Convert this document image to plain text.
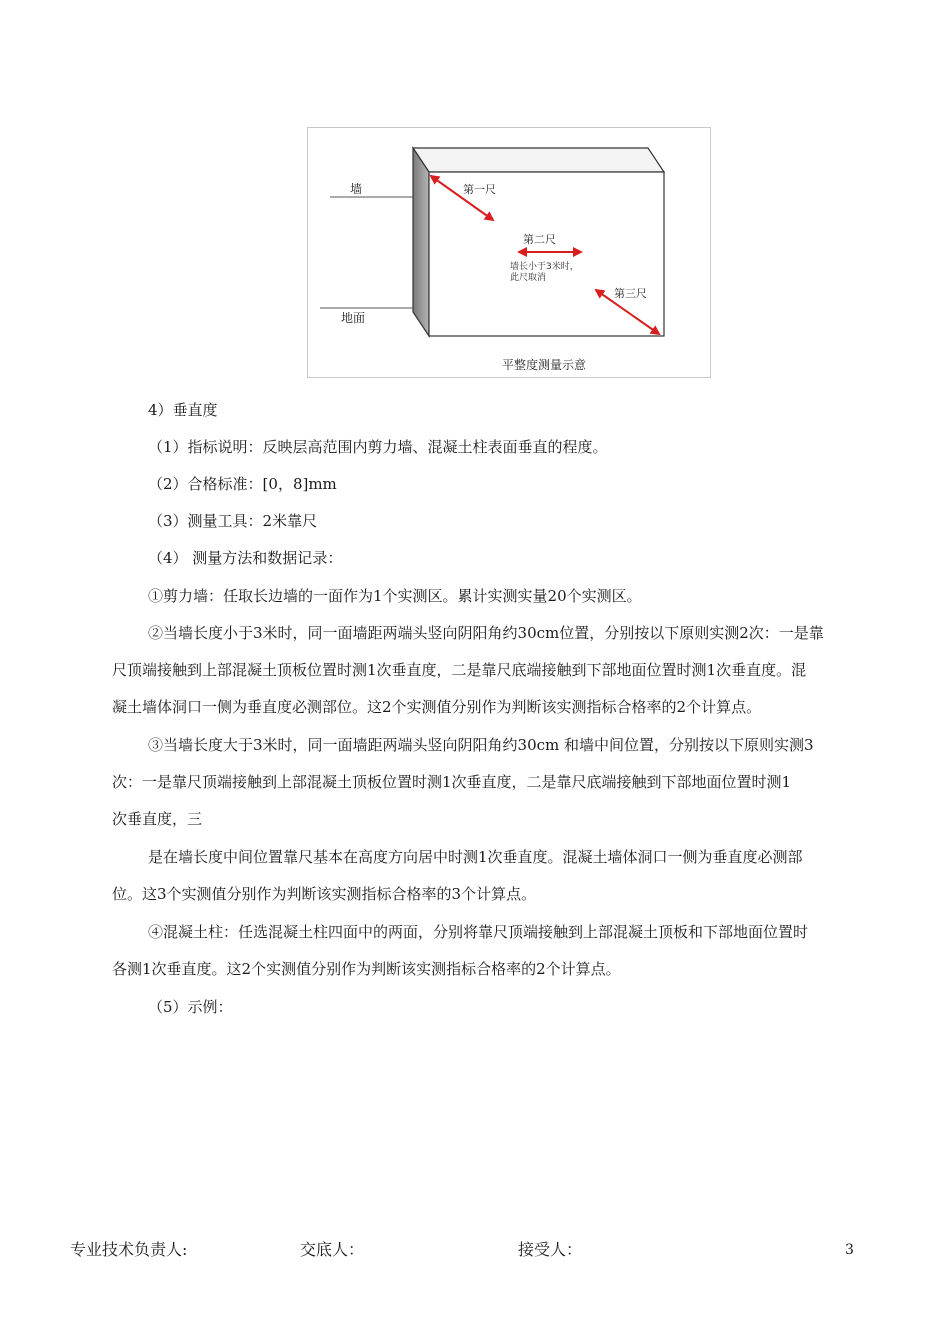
墙
地面
第一尺
第二尺
墙长小于3米时，
此尺取消
第三尺
平整度测量示意
4）垂直度
（1）指标说明：反映层高范围内剪力墙、混凝土柱表面垂直的程度。
（2）合格标准：[0，8]mm
（3）测量工具：2米靠尺
（4） 测量方法和数据记录：
①剪力墙：任取长边墙的一面作为1个实测区。累计实测实量20个实测区。
②当墙长度小于3米时，同一面墙距两端头竖向阴阳角约30cm位置，分别按以下原则实测2次：一是靠
尺顶端接触到上部混凝土顶板位置时测1次垂直度，二是靠尺底端接触到下部地面位置时测1次垂直度。混
凝土墙体洞口一侧为垂直度必测部位。这2个实测值分别作为判断该实测指标合格率的2个计算点。
③当墙长度大于3米时，同一面墙距两端头竖向阴阳角约30cm 和墙中间位置，分别按以下原则实测3
次：一是靠尺顶端接触到上部混凝土顶板位置时测1次垂直度，二是靠尺底端接触到下部地面位置时测1
次垂直度，三
是在墙长度中间位置靠尺基本在高度方向居中时测1次垂直度。混凝土墙体洞口一侧为垂直度必测部
位。这3个实测值分别作为判断该实测指标合格率的3个计算点。
④混凝土柱：任选混凝土柱四面中的两面，分别将靠尺顶端接触到上部混凝土顶板和下部地面位置时
各测1次垂直度。这2个实测值分别作为判断该实测指标合格率的2个计算点。
（5）示例：
专业技术负责人:	交底人：	接受人：	3
